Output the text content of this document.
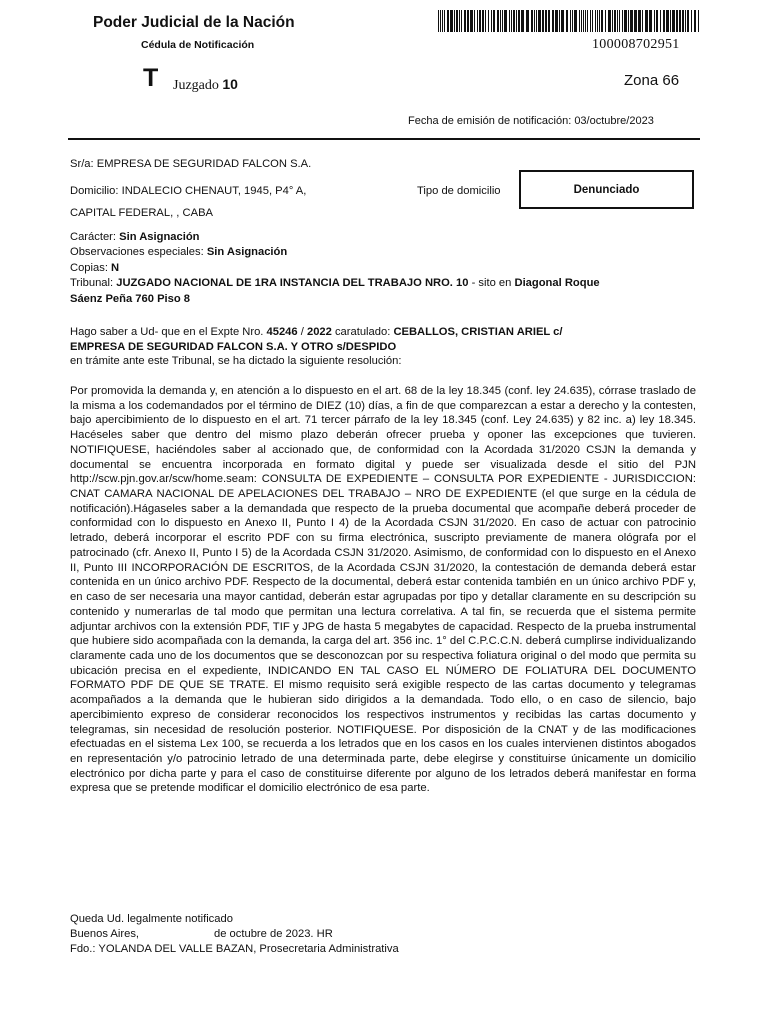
Poder Judicial de la Nación
Cédula de Notificación	100008702951
T Juzgado 10	Zona 66
Fecha de emisión de notificación: 03/octubre/2023
Sr/a: EMPRESA DE SEGURIDAD FALCON S.A.
Domicilio: INDALECIO CHENAUT, 1945, P4° A,	Tipo de domicilio	Denunciado
CAPITAL FEDERAL, , CABA
Carácter: Sin Asignación
Observaciones especiales: Sin Asignación
Copias: N
Tribunal: JUZGADO NACIONAL DE 1RA INSTANCIA DEL TRABAJO NRO. 10 - sito en Diagonal Roque
Sáenz Peña 760 Piso 8
Hago saber a Ud- que en el Expte Nro. 45246 / 2022 caratulado: CEBALLOS, CRISTIAN ARIEL c/
EMPRESA DE SEGURIDAD FALCON S.A. Y OTRO s/DESPIDO
en trámite ante este Tribunal, se ha dictado la siguiente resolución:
Por promovida la demanda y, en atención a lo dispuesto en el art. 68 de la ley 18.345 (conf. ley 24.635), córrase traslado de la misma a los codemandados por el término de DIEZ (10) días, a fin de que comparezcan a estar a derecho y la contesten, bajo apercibimiento de lo dispuesto en el art. 71 tercer párrafo de la ley 18.345 (conf. Ley 24.635) y 82 inc. a) ley 18.345. Hacéseles saber que dentro del mismo plazo deberán ofrecer prueba y oponer las excepciones que tuvieren. NOTIFIQUESE, haciéndoles saber al accionado que, de conformidad con la Acordada 31/2020 CSJN la demanda y documental se encuentra incorporada en formato digital y puede ser visualizada desde el sitio del PJN http://scw.pjn.gov.ar/scw/home.seam: CONSULTA DE EXPEDIENTE – CONSULTA POR EXPEDIENTE - JURISDICCION: CNAT CAMARA NACIONAL DE APELACIONES DEL TRABAJO – NRO DE EXPEDIENTE (el que surge en la cédula de notificación).Hágaseles saber a la demandada que respecto de la prueba documental que acompañe deberá proceder de conformidad con lo dispuesto en Anexo II, Punto I 4) de la Acordada CSJN 31/2020. En caso de actuar con patrocinio letrado, deberá incorporar el escrito PDF con su firma electrónica, suscripto previamente de manera ológrafa por el patrocinado (cfr. Anexo II, Punto I 5) de la Acordada CSJN 31/2020. Asimismo, de conformidad con lo dispuesto en el Anexo II, Punto III INCORPORACIÓN DE ESCRITOS, de la Acordada CSJN 31/2020, la contestación de demanda deberá estar contenida en un único archivo PDF. Respecto de la documental, deberá estar contenida también en un único archivo PDF y, en caso de ser necesaria una mayor cantidad, deberán estar agrupadas por tipo y detallar claramente en su descripción su contenido y numerarlas de tal modo que permitan una lectura correlativa. A tal fin, se recuerda que el sistema permite adjuntar archivos con la extensión PDF, TIF y JPG de hasta 5 megabytes de capacidad. Respecto de la prueba instrumental que hubiere sido acompañada con la demanda, la carga del art. 356 inc. 1° del C.P.C.C.N. deberá cumplirse individualizando claramente cada uno de los documentos que se desconozcan por su respectiva foliatura original o del modo que permita su ubicación precisa en el expediente, INDICANDO EN TAL CASO EL NÚMERO DE FOLIATURA DEL DOCUMENTO FORMATO PDF DE QUE SE TRATE. El mismo requisito será exigible respecto de las cartas documento y telegramas acompañados a la demanda que le hubieran sido dirigidos a la demandada. Todo ello, o en caso de silencio, bajo apercibimiento expreso de considerar reconocidos los respectivos instrumentos y recibidas las cartas documento y telegramas, sin necesidad de resolución posterior. NOTIFIQUESE. Por disposición de la CNAT y de las modificaciones efectuadas en el sistema Lex 100, se recuerda a los letrados que en los casos en los cuales intervienen distintos abogados en representación y/o patrocinio letrado de una determinada parte, debe elegirse y constituirse únicamente un domicilio electrónico por dicha parte y para el caso de constituirse diferente por alguno de los letrados deberá manifestar en forma expresa que se pretende modificar el domicilio electrónico de esa parte.
Queda Ud. legalmente notificado
Buenos Aires,	de octubre de 2023. HR
Fdo.: YOLANDA DEL VALLE BAZAN, Prosecretaria Administrativa
